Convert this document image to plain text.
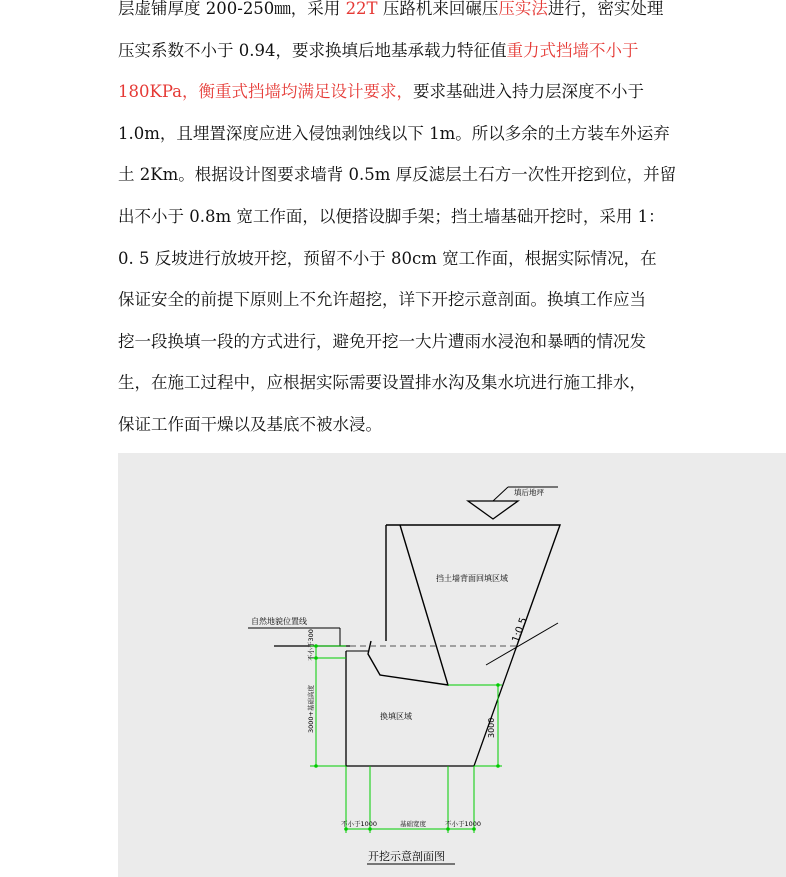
层虚铺厚度 200-250㎜，采用 22T 压路机来回碾压压实法进行，密实处理
压实系数不小于 0.94，要求换填后地基承载力特征值重力式挡墙不小于
180KPa，衡重式挡墙均满足设计要求，要求基础进入持力层深度不小于
1.0m，且埋置深度应进入侵蚀剥蚀线以下 1m。所以多余的土方装车外运弃
土 2Km。根据设计图要求墙背 0.5m 厚反滤层土石方一次性开挖到位，并留
出不小于 0.8m 宽工作面，以便搭设脚手架；挡土墙基础开挖时，采用 1：
0. 5 反坡进行放坡开挖，预留不小于 80cm 宽工作面，根据实际情况，在
保证安全的前提下原则上不允许超挖，详下开挖示意剖面。换填工作应当
挖一段换填一段的方式进行，避免开挖一大片遭雨水浸泡和暴晒的情况发
生，在施工过程中，应根据实际需要设置排水沟及集水坑进行施工排水，
保证工作面干燥以及基底不被水浸。
填后地坪
挡土墙背面回填区域
自然地貌位置线
换填区域
1:0.5
不小于300
3000+基础高度	3000
不小于1000	基础宽度	不小于1000
开挖示意剖面图
